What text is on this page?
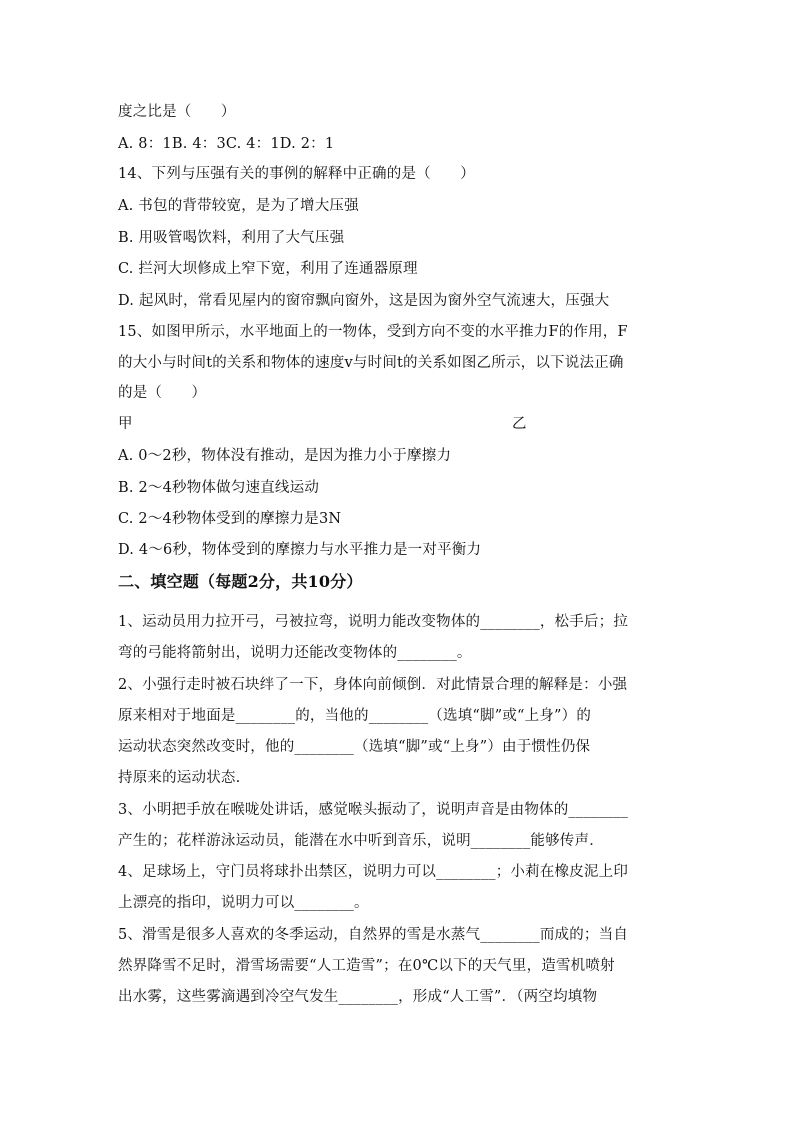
度之比是（　　）
A. 8：1B. 4：3C. 4：1D. 2：1
14、下列与压强有关的事例的解释中正确的是（　　）
A. 书包的背带较宽，是为了增大压强
B. 用吸管喝饮料，利用了大气压强
C. 拦河大坝修成上窄下宽，利用了连通器原理
D. 起风时，常看见屋内的窗帘飘向窗外，这是因为窗外空气流速大，压强大
15、如图甲所示，水平地面上的一物体，受到方向不变的水平推力F的作用，F
的大小与时间t的关系和物体的速度v与时间t的关系如图乙所示，以下说法正确
的是（　　）
甲	乙
A. 0～2秒，物体没有推动，是因为推力小于摩擦力
B. 2～4秒物体做匀速直线运动
C. 2～4秒物体受到的摩擦力是3N
D. 4～6秒，物体受到的摩擦力与水平推力是一对平衡力
二、填空题（每题2分，共10分）
1、运动员用力拉开弓，弓被拉弯，说明力能改变物体的________，松手后；拉
弯的弓能将箭射出，说明力还能改变物体的________。
2、小强行走时被石块绊了一下，身体向前倾倒．对此情景合理的解释是：小强
原来相对于地面是________的，当他的________（选填“脚”或“上身”）的
运动状态突然改变时，他的________（选填“脚”或“上身”）由于惯性仍保
持原来的运动状态.
3、小明把手放在喉咙处讲话，感觉喉头振动了，说明声音是由物体的________
产生的；花样游泳运动员，能潜在水中听到音乐，说明________能够传声．
4、足球场上，守门员将球扑出禁区，说明力可以________；小莉在橡皮泥上印
上漂亮的指印，说明力可以________。
5、滑雪是很多人喜欢的冬季运动，自然界的雪是水蒸气________而成的；当自
然界降雪不足时，滑雪场需要“人工造雪”；在0℃以下的天气里，造雪机喷射
出水雾，这些雾滴遇到冷空气发生________，形成“人工雪”．（两空均填物
